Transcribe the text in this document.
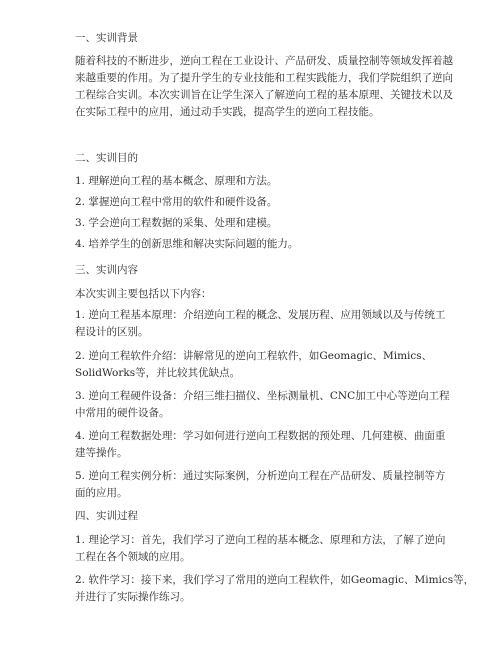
一、实训背景
随着科技的不断进步，逆向工程在工业设计、产品研发、质量控制等领域发挥着越
来越重要的作用。为了提升学生的专业技能和工程实践能力，我们学院组织了逆向
工程综合实训。本次实训旨在让学生深入了解逆向工程的基本原理、关键技术以及
在实际工程中的应用，通过动手实践，提高学生的逆向工程技能。
二、实训目的
1. 理解逆向工程的基本概念、原理和方法。
2. 掌握逆向工程中常用的软件和硬件设备。
3. 学会逆向工程数据的采集、处理和建模。
4. 培养学生的创新思维和解决实际问题的能力。
三、实训内容
本次实训主要包括以下内容：
1. 逆向工程基本原理：介绍逆向工程的概念、发展历程、应用领域以及与传统工
程设计的区别。
2. 逆向工程软件介绍：讲解常见的逆向工程软件，如Geomagic、Mimics、
SolidWorks等，并比较其优缺点。
3. 逆向工程硬件设备：介绍三维扫描仪、坐标测量机、CNC加工中心等逆向工程
中常用的硬件设备。
4. 逆向工程数据处理：学习如何进行逆向工程数据的预处理、几何建模、曲面重
建等操作。
5. 逆向工程实例分析：通过实际案例，分析逆向工程在产品研发、质量控制等方
面的应用。
四、实训过程
1. 理论学习：首先，我们学习了逆向工程的基本概念、原理和方法，了解了逆向
工程在各个领域的应用。
2. 软件学习：接下来，我们学习了常用的逆向工程软件，如Geomagic、Mimics等，
并进行了实际操作练习。
